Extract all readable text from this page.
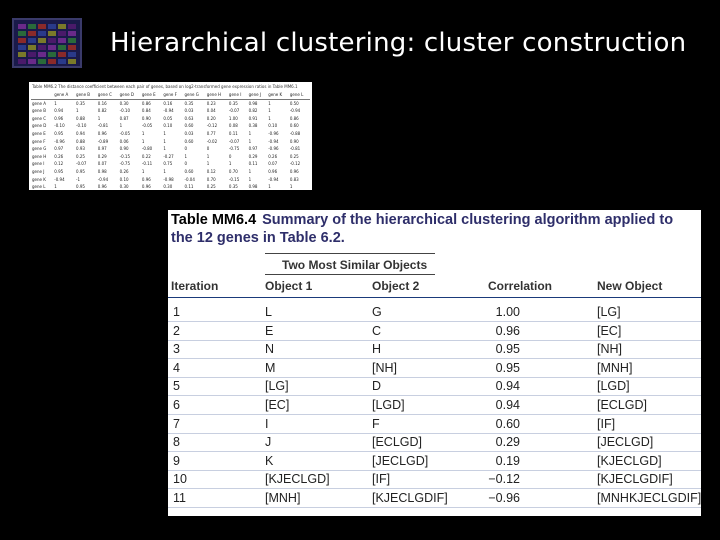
Hierarchical clustering: cluster construction
Table MM6.2 The distance coefficient between each pair of genes, based on log2-transformed gene expression ratios in Table MM6.1
	gene A	gene B	gene C	gene D	gene E	gene F	gene G	gene H	gene I	gene J	gene K	gene L
gene A	1	0.35	0.16	0.30	0.86	0.16	0.35	0.23	0.35	0.98	1	0.50
gene B	0.94	1	0.82	-0.10	0.84	-0.94	0.03	0.04	-0.07	0.82	1	-0.94
gene C	0.96	0.88	1	0.87	0.90	0.05	0.63	0.20	1.00	0.91	1	0.86
gene D	-0.10	-0.10	-0.81	1	-0.05	0.10	0.60	-0.12	0.08	0.38	0.10	0.60
gene E	0.95	0.94	0.96	-0.05	1	1	0.03	0.77	0.11	1	-0.96	-0.88
gene F	-0.96	0.88	-0.89	0.06	1	1	0.60	-0.02	-0.07	1	-0.94	0.90
gene G	0.97	0.93	0.97	0.90	-0.80	1	0	0	-0.75	0.97	-0.96	-0.81
gene H	0.26	0.25	0.29	-0.15	0.22	-0.27	1	1	0	0.29	0.26	0.25
gene I	0.12	-0.07	0.07	-0.75	-0.11	0.75	0	1	1	0.11	0.07	-0.12
gene J	0.95	0.95	0.98	0.26	1	1	0.60	0.12	0.70	1	0.96	0.96
gene K	-0.94	-1	-0.94	0.10	0.96	-0.98	-0.04	0.70	-0.15	1	-0.94	0.83
gene L	1	0.95	0.96	0.30	0.96	0.30	0.11	0.25	0.35	0.98	1	1
Table MM6.4 Summary of the hierarchical clustering algorithm applied to the 12 genes in Table 6.2.
Two Most Similar Objects
Iteration	Object 1	Object 2	Correlation	New Object
1	L	G	1.00	[LG]
2	E	C	0.96	[EC]
3	N	H	0.95	[NH]
4	M	[NH]	0.95	[MNH]
5	[LG]	D	0.94	[LGD]
6	[EC]	[LGD]	0.94	[ECLGD]
7	I	F	0.60	[IF]
8	J	[ECLGD]	0.29	[JECLGD]
9	K	[JECLGD]	0.19	[KJECLGD]
10	[KJECLGD]	[IF]	−0.12	[KJECLGDIF]
11	[MNH]	[KJECLGDIF]	−0.96	[MNHKJECLGDIF]
